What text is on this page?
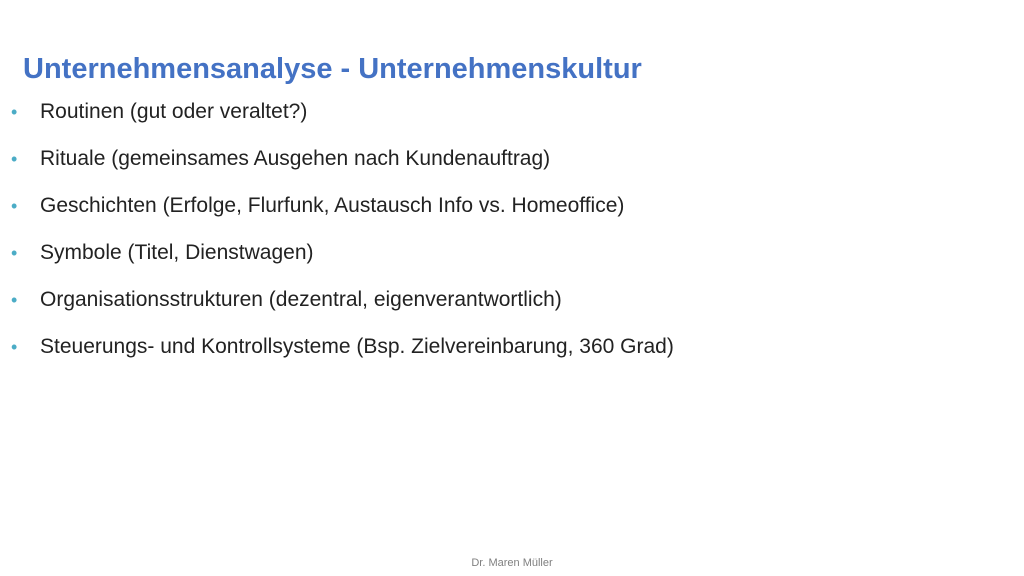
Unternehmensanalyse - Unternehmenskultur
•	Routinen (gut oder veraltet?)
•	Rituale (gemeinsames Ausgehen nach Kundenauftrag)
•	Geschichten (Erfolge, Flurfunk, Austausch Info vs. Homeoffice)
•	Symbole (Titel, Dienstwagen)
•	Organisationsstrukturen (dezentral, eigenverantwortlich)
•	Steuerungs- und Kontrollsysteme (Bsp. Zielvereinbarung, 360 Grad)
Dr. Maren Müller
